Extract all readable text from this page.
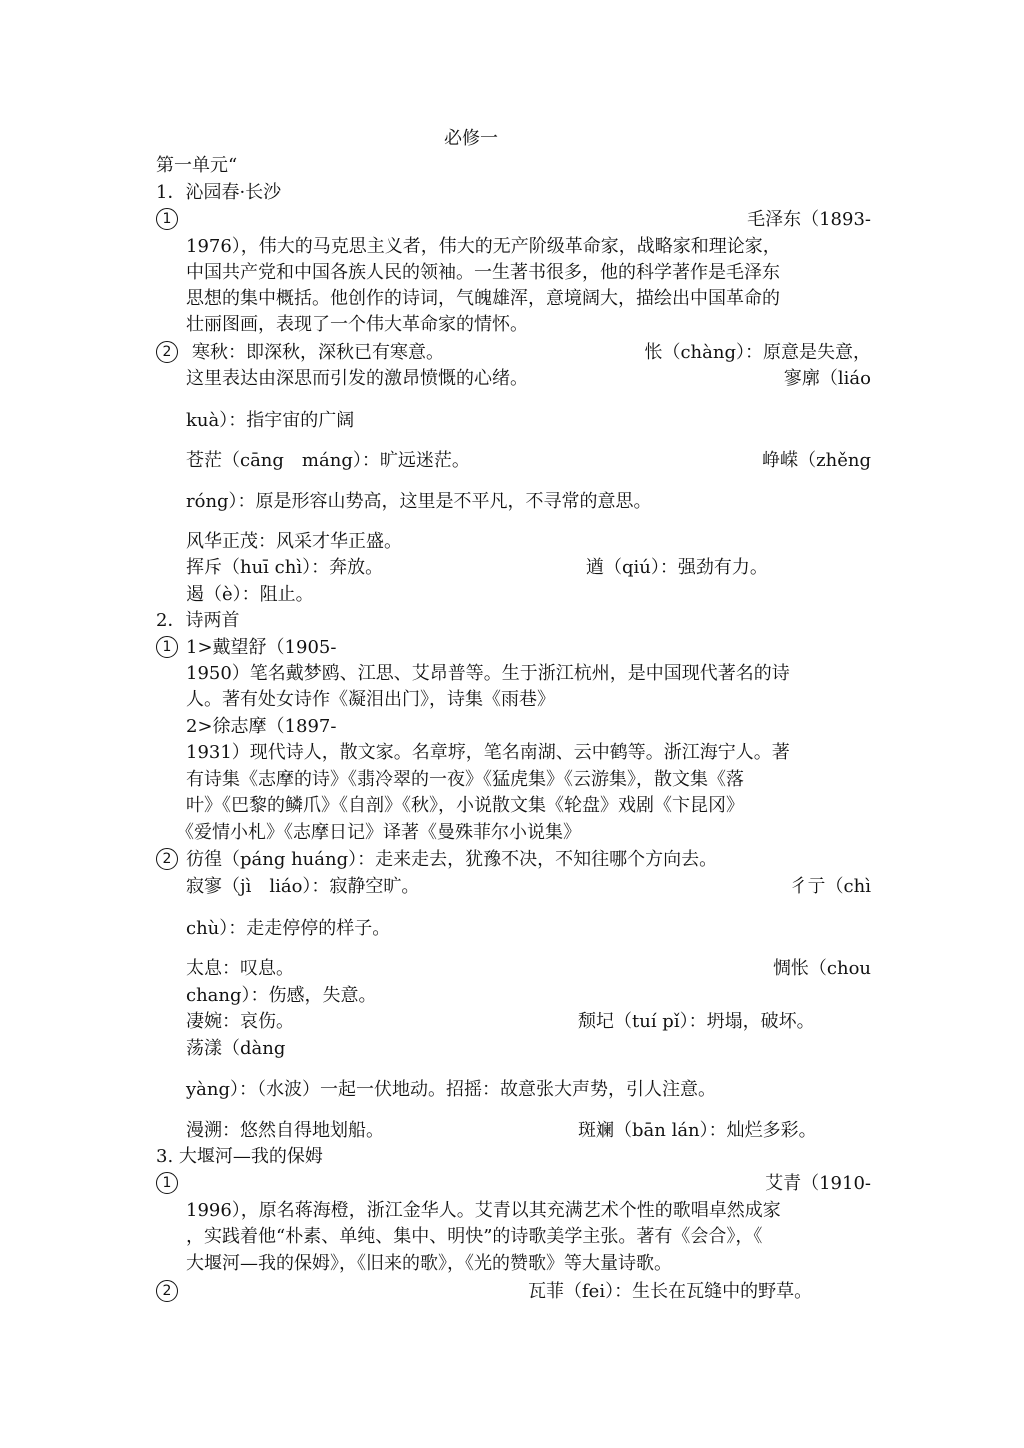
必修一
第一单元“
1．沁园春·长沙
1	毛泽东（1893-
1976），伟大的马克思主义者，伟大的无产阶级革命家，战略家和理论家，
中国共产党和中国各族人民的领袖。一生著书很多，他的科学著作是毛泽东
思想的集中概括。他创作的诗词，气魄雄浑，意境阔大，描绘出中国革命的
壮丽图画，表现了一个伟大革命家的情怀。
2	寒秋：即深秋，深秋已有寒意。	怅（chàng）：原意是失意，
这里表达由深思而引发的激昂愤慨的心绪。	寥廓（liáo
kuà）：指宇宙的广阔
苍茫（cāng　máng）：旷远迷茫。	峥嵘（zhěng
róng）：原是形容山势高，这里是不平凡，不寻常的意思。
风华正茂：风采才华正盛。
挥斥（huī chì）：奔放。	遒（qiú）：强劲有力。
遏（è）：阻止。
2．诗两首
1 1>戴望舒（1905-
1950）笔名戴梦鸥、江思、艾昂普等。生于浙江杭州，是中国现代著名的诗
人。著有处女诗作《凝泪出门》，诗集《雨巷》
2>徐志摩（1897-
1931）现代诗人，散文家。名章垿，笔名南湖、云中鹤等。浙江海宁人。著
有诗集《志摩的诗》《翡冷翠的一夜》《猛虎集》《云游集》，散文集《落
叶》《巴黎的鳞爪》《自剖》《秋》，小说散文集《轮盘》戏剧《卞昆冈》
《爱情小札》《志摩日记》译著《曼殊菲尔小说集》
2 彷徨（páng huáng）：走来走去，犹豫不决，不知往哪个方向去。
寂寥（jì　liáo）：寂静空旷。	彳亍（chì
chù）：走走停停的样子。
太息：叹息。	惆怅（chou
chang）：伤感，失意。
凄婉：哀伤。	颓圮（tuí pǐ）：坍塌，破坏。
荡漾（dàng
yàng）：（水波）一起一伏地动。招摇：故意张大声势，引人注意。
漫溯：悠然自得地划船。	斑斓（bān lán）：灿烂多彩。
3. 大堰河—我的保姆
1	艾青（1910-
1996），原名蒋海橙，浙江金华人。艾青以其充满艺术个性的歌唱卓然成家
，实践着他“朴素、单纯、集中、明快”的诗歌美学主张。著有《会合》，《
大堰河—我的保姆》，《旧来的歌》，《光的赞歌》等大量诗歌。
2	瓦菲（fei）：生长在瓦缝中的野草。
